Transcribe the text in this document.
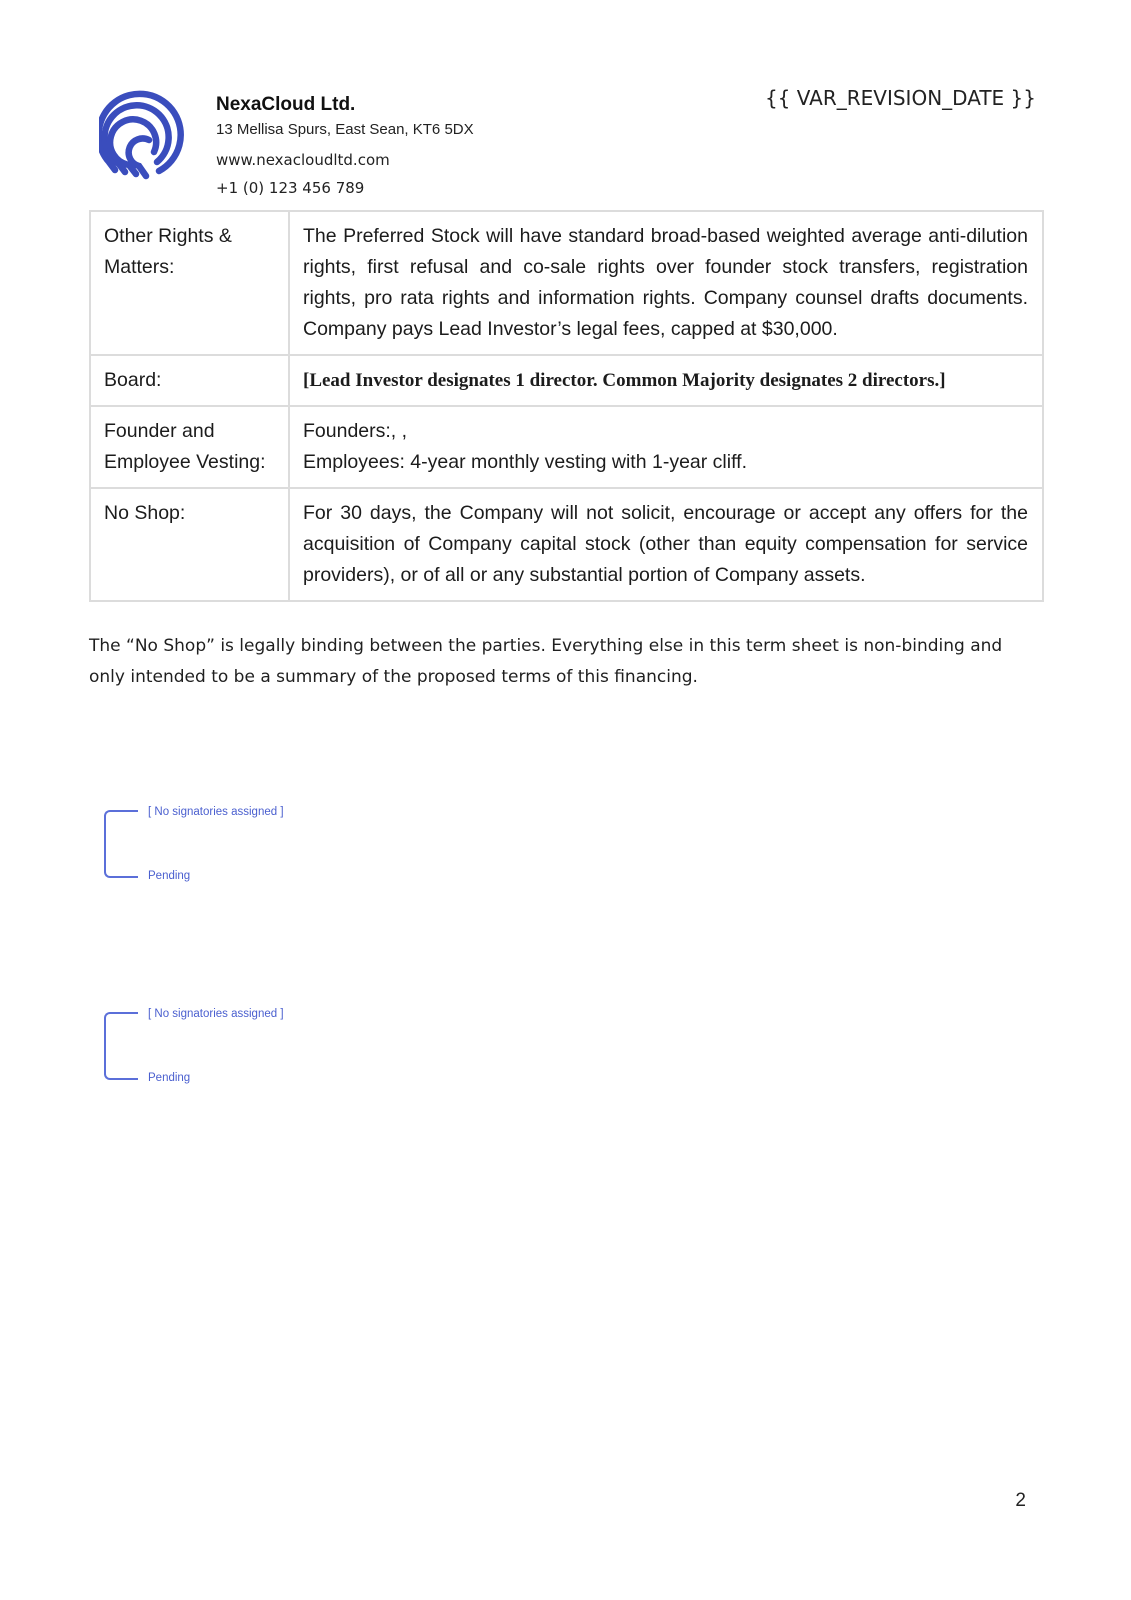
NexaCloud Ltd.
13 Mellisa Spurs, East Sean, KT6 5DX
www.nexacloudltd.com
+1 (0) 123 456 789
{{ VAR_REVISION_DATE }}
Other Rights & Matters:	The Preferred Stock will have standard broad-based weighted average anti-dilution rights, first refusal and co-sale rights over founder stock transfers, registration rights, pro rata rights and information rights. Company counsel drafts documents. Company pays Lead Investor’s legal fees, capped at $30,000.
Board:	[Lead Investor designates 1 director. Common Majority designates 2 directors.]
Founder and Employee Vesting:	Founders:, ,
Employees: 4-year monthly vesting with 1-year cliff.

No Shop:	For 30 days, the Company will not solicit, encourage or accept any offers for the acquisition of Company capital stock (other than equity compensation for service providers), or of all or any substantial portion of Company assets.
The “No Shop” is legally binding between the parties. Everything else in this term sheet is non-binding and only intended to be a summary of the proposed terms of this financing.
[ No signatories assigned ]
Pending
[ No signatories assigned ]
Pending
2
